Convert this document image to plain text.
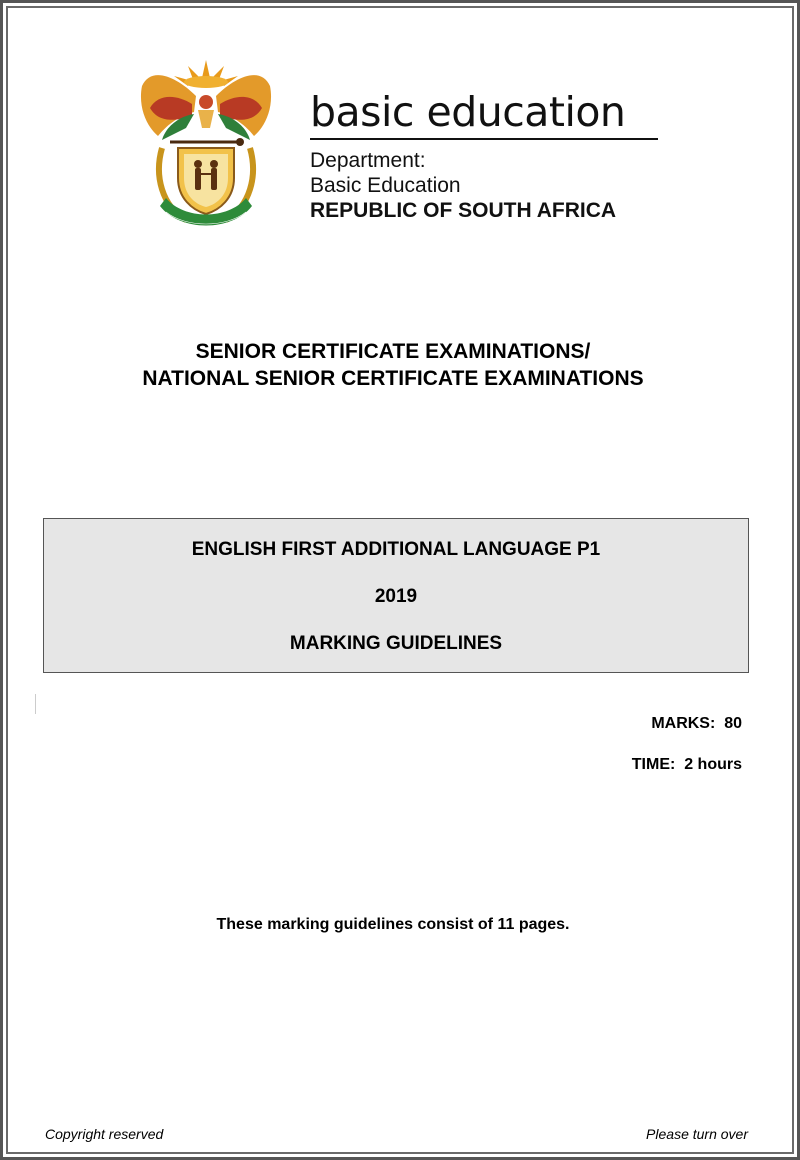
basic education
Department:
Basic Education
REPUBLIC OF SOUTH AFRICA
SENIOR CERTIFICATE EXAMINATIONS/
NATIONAL SENIOR CERTIFICATE EXAMINATIONS
ENGLISH FIRST ADDITIONAL LANGUAGE P1
2019
MARKING GUIDELINES
MARKS:  80
TIME:  2 hours
These marking guidelines consist of 11 pages.
Copyright reserved	Please turn over
